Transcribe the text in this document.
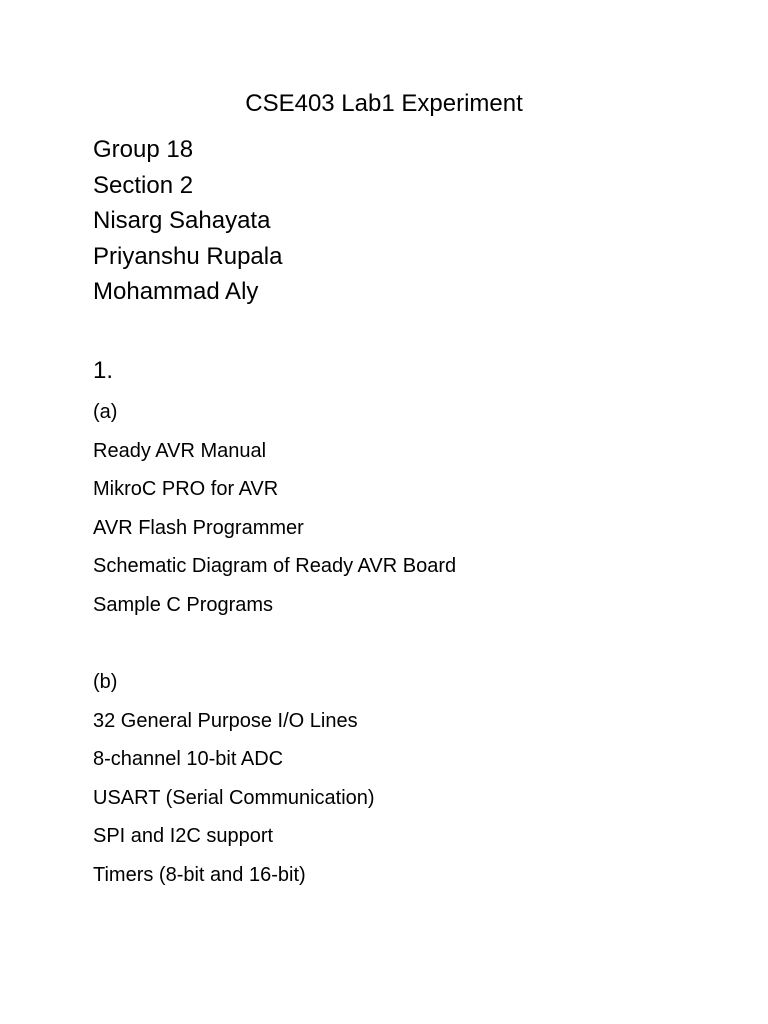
CSE403 Lab1 Experiment
Group 18
Section 2
Nisarg Sahayata
Priyanshu Rupala
Mohammad Aly
1.
(a)
Ready AVR Manual
MikroC PRO for AVR
AVR Flash Programmer
Schematic Diagram of Ready AVR Board
Sample C Programs
(b)
32 General Purpose I/O Lines
8-channel 10-bit ADC
USART (Serial Communication)
SPI and I2C support
Timers (8-bit and 16-bit)
